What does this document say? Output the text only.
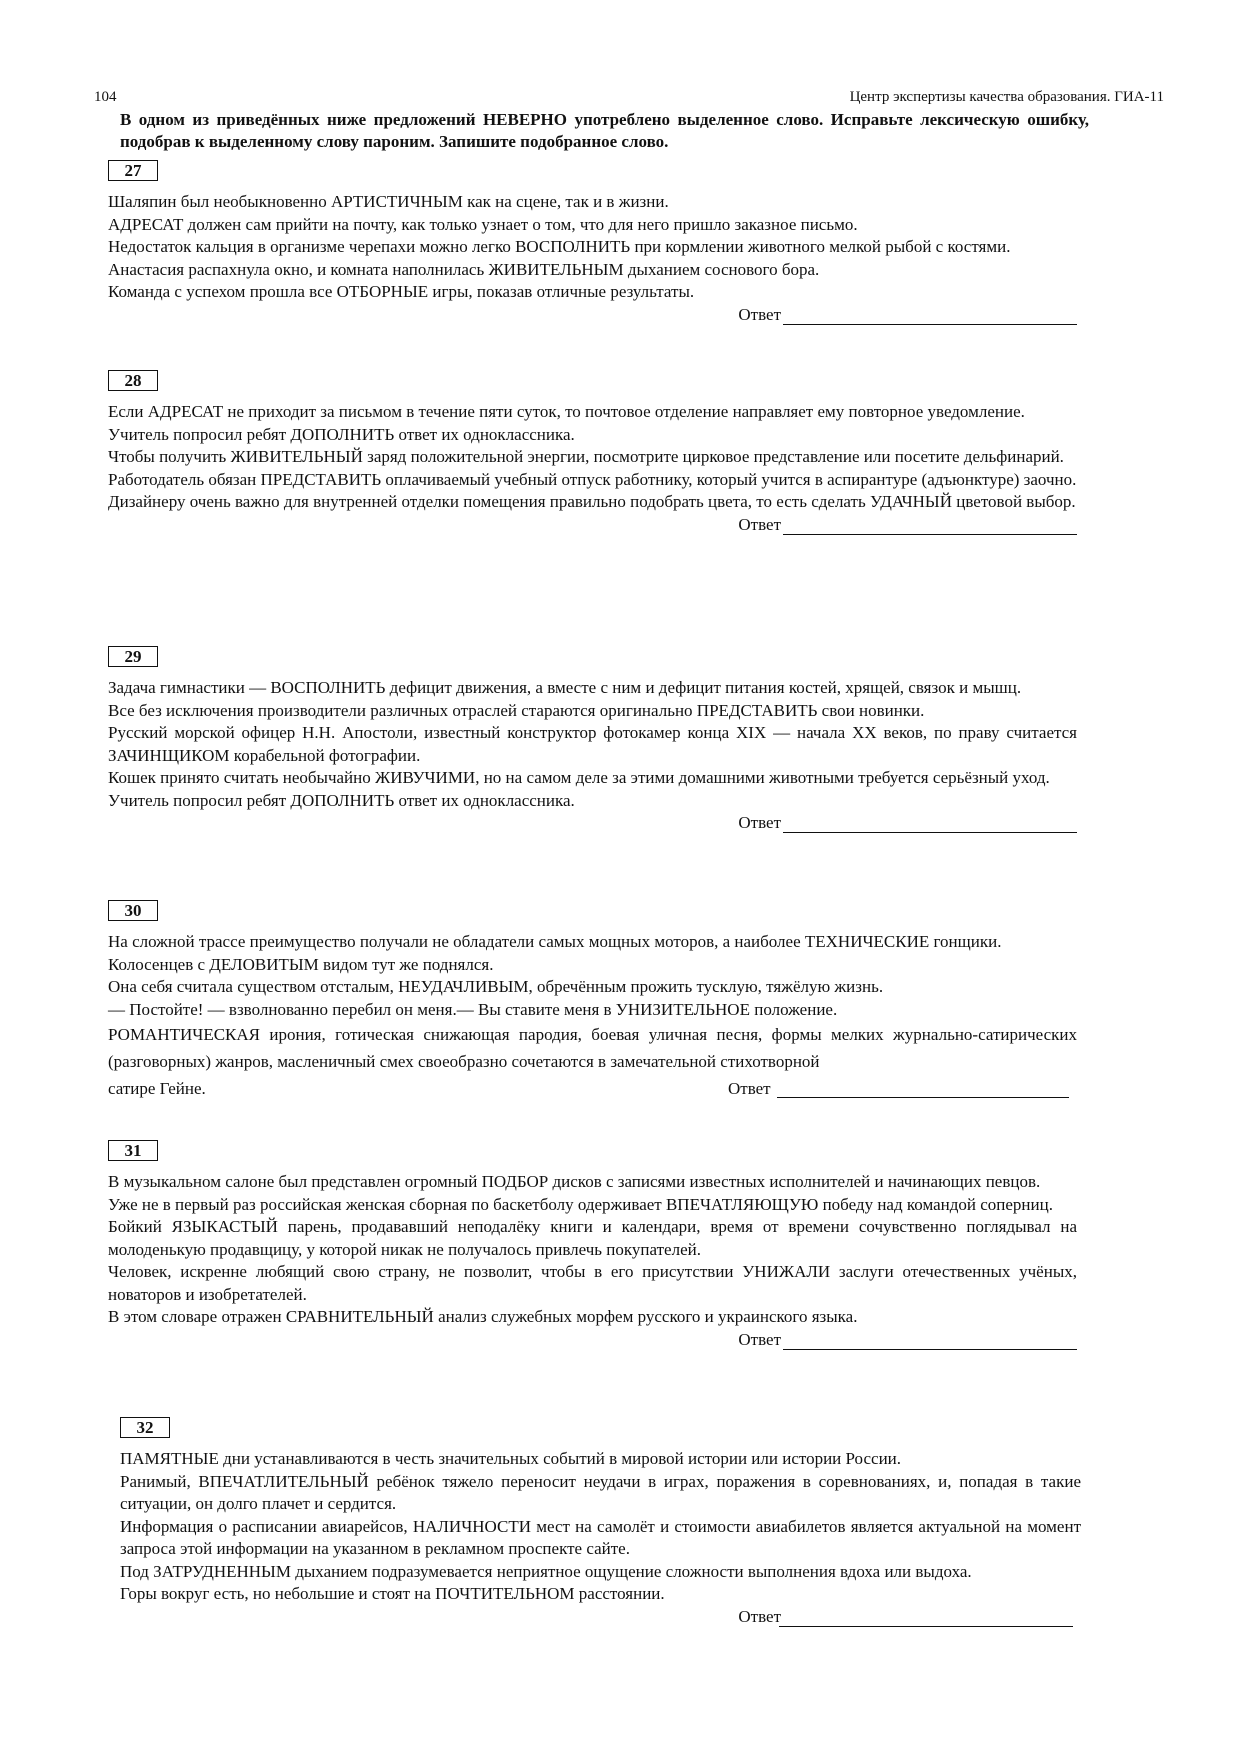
104	Центр экспертизы качества образования. ГИА-11
В одном из приведённых ниже предложений НЕВЕРНО употреблено выделенное слово. Исправьте лексическую ошибку, подобрав к выделенному слову пароним. Запишите подобранное слово.
27

Шаляпин был необыкновенно АРТИСТИЧНЫМ как на сцене, так и в жизни.

АДРЕСАТ должен сам прийти на почту, как только узнает о том, что для него пришло заказное письмо.

Недостаток кальция в организме черепахи можно легко ВОСПОЛНИТЬ при кормлении животного мелкой рыбой с костями.

Анастасия распахнула окно, и комната наполнилась ЖИВИТЕЛЬНЫМ дыханием соснового бора.

Команда с успехом прошла все ОТБОРНЫЕ игры, показав отличные результаты.

Ответ
28

Если АДРЕСАТ не приходит за письмом в течение пяти суток, то почтовое отделение направляет ему повторное уведомление.

Учитель попросил ребят ДОПОЛНИТЬ ответ их одноклассника.

Чтобы получить ЖИВИТЕЛЬНЫЙ заряд положительной энергии, посмотрите цирковое представление или посетите дельфинарий.

Работодатель обязан ПРЕДСТАВИТЬ оплачиваемый учебный отпуск работнику, который учится в аспирантуре (адъюнктуре) заочно.

Дизайнеру очень важно для внутренней отделки помещения правильно подобрать цвета, то есть сделать УДАЧНЫЙ цветовой выбор.

Ответ
29

Задача гимнастики — ВОСПОЛНИТЬ дефицит движения, а вместе с ним и дефицит питания костей, хрящей, связок и мышц.

Все без исключения производители различных отраслей стараются оригинально ПРЕДСТАВИТЬ свои новинки.

Русский морской офицер Н.Н. Апостоли, известный конструктор фотокамер конца XIX — начала XX веков, по праву считается ЗАЧИНЩИКОМ корабельной фотографии.

Кошек принято считать необычайно ЖИВУЧИМИ, но на самом деле за этими домашними животными требуется серьёзный уход.

Учитель попросил ребят ДОПОЛНИТЬ ответ их одноклассника.

Ответ
30

На сложной трассе преимущество получали не обладатели самых мощных моторов, а наиболее ТЕХНИЧЕСКИЕ гонщики.

Колосенцев с ДЕЛОВИТЫМ видом тут же поднялся.

Она себя считала существом отсталым, НЕУДАЧЛИВЫМ, обречённым прожить тусклую, тяжёлую жизнь.

— Постойте! — взволнованно перебил он меня.— Вы ставите меня в УНИЗИТЕЛЬНОЕ положение.

РОМАНТИЧЕСКАЯ ирония, готическая снижающая пародия, боевая уличная песня, формы мелких журнально-сатирических (разговорных) жанров, масленичный смех своеобразно сочетаются в замечательной стихотворной

сатире Гейне.	Ответ
31

В музыкальном салоне был представлен огромный ПОДБОР дисков с записями известных исполнителей и начинающих певцов.

Уже не в первый раз российская женская сборная по баскетболу одерживает ВПЕЧАТЛЯЮЩУЮ победу над командой соперниц.

Бойкий ЯЗЫКАСТЫЙ парень, продававший неподалёку книги и календари, время от времени сочувственно поглядывал на молоденькую продавщицу, у которой никак не получалось привлечь покупателей.

Человек, искренне любящий свою страну, не позволит, чтобы в его присутствии УНИЖАЛИ заслуги отечественных учёных, новаторов и изобретателей.

В этом словаре отражен СРАВНИТЕЛЬНЫЙ анализ служебных морфем русского и украинского языка.

Ответ
32

ПАМЯТНЫЕ дни устанавливаются в честь значительных событий в мировой истории или истории России.

Ранимый, ВПЕЧАТЛИТЕЛЬНЫЙ ребёнок тяжело переносит неудачи в играх, поражения в соревнованиях, и, попадая в такие ситуации, он долго плачет и сердится.

Информация о расписании авиарейсов, НАЛИЧНОСТИ мест на самолёт и стоимости авиабилетов является актуальной на момент запроса этой информации на указанном в рекламном проспекте сайте.

Под ЗАТРУДНЕННЫМ дыханием подразумевается неприятное ощущение сложности выполнения вдоха или выдоха.

Горы вокруг есть, но небольшие и стоят на ПОЧТИТЕЛЬНОМ расстоянии.

Ответ
